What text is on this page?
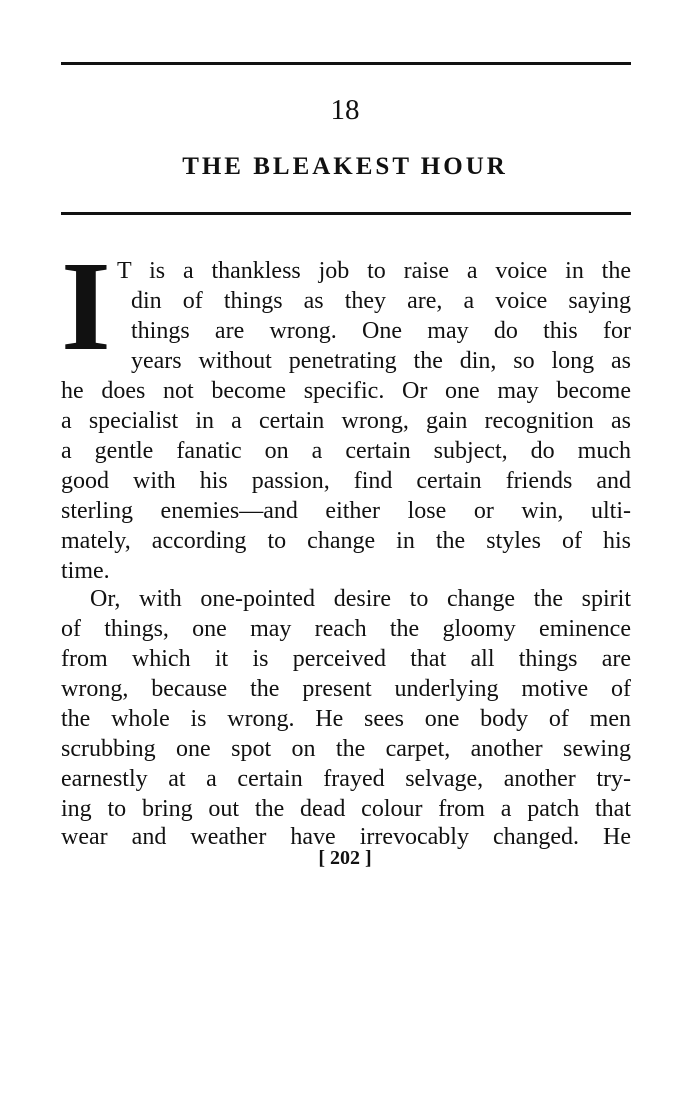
18
THE BLEAKEST HOUR
I T is a thankless job to raise a voice in the
din of things as they are, a voice saying
things are wrong. One may do this for
years without penetrating the din, so long as
he does not become specific. Or one may become
a specialist in a certain wrong, gain recognition as
a gentle fanatic on a certain subject, do much
good with his passion, find certain friends and
sterling enemies—and either lose or win, ulti-
mately, according to change in the styles of his
time.
Or, with one-pointed desire to change the spirit
of things, one may reach the gloomy eminence
from which it is perceived that all things are
wrong, because the present underlying motive of
the whole is wrong. He sees one body of men
scrubbing one spot on the carpet, another sewing
earnestly at a certain frayed selvage, another try-
ing to bring out the dead colour from a patch that
wear and weather have irrevocably changed. He
[ 202 ]
